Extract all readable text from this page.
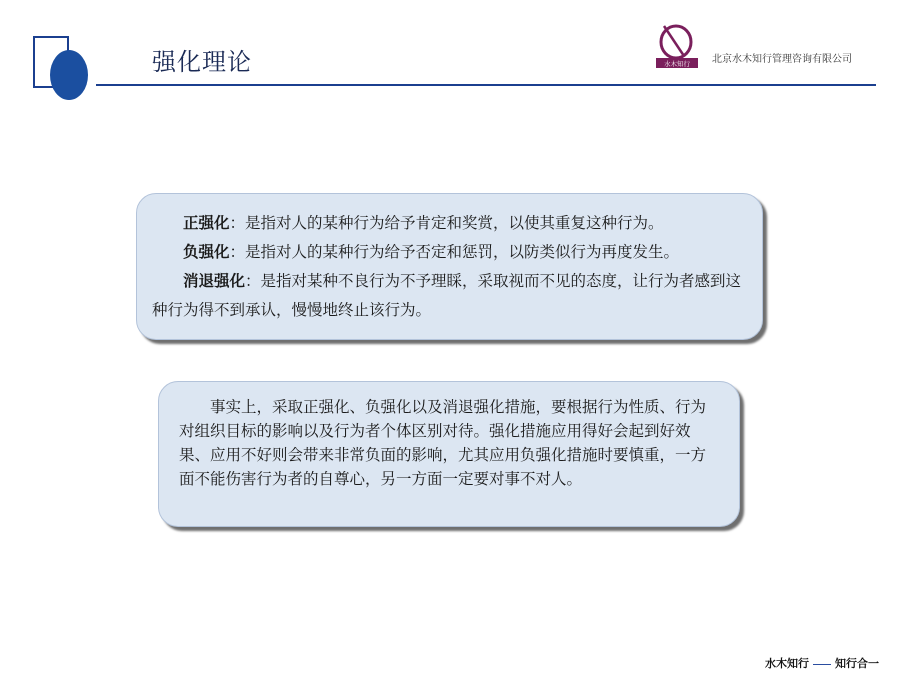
强化理论	水木知行 北京水木知行管理咨询有限公司

正强化：是指对人的某种行为给予肯定和奖赏，以使其重复这种行为。

负强化：是指对人的某种行为给予否定和惩罚，以防类似行为再度发生。

消退强化：是指对某种不良行为不予理睬，采取视而不见的态度，让行为者感到这种行为得不到承认，慢慢地终止该行为。

事实上，采取正强化、负强化以及消退强化措施，要根据行为性质、行为对组织目标的影响以及行为者个体区别对待。强化措施应用得好会起到好效果、应用不好则会带来非常负面的影响，尤其应用负强化措施时要慎重，一方面不能伤害行为者的自尊心，另一方面一定要对事不对人。

水木知行 知行合一
